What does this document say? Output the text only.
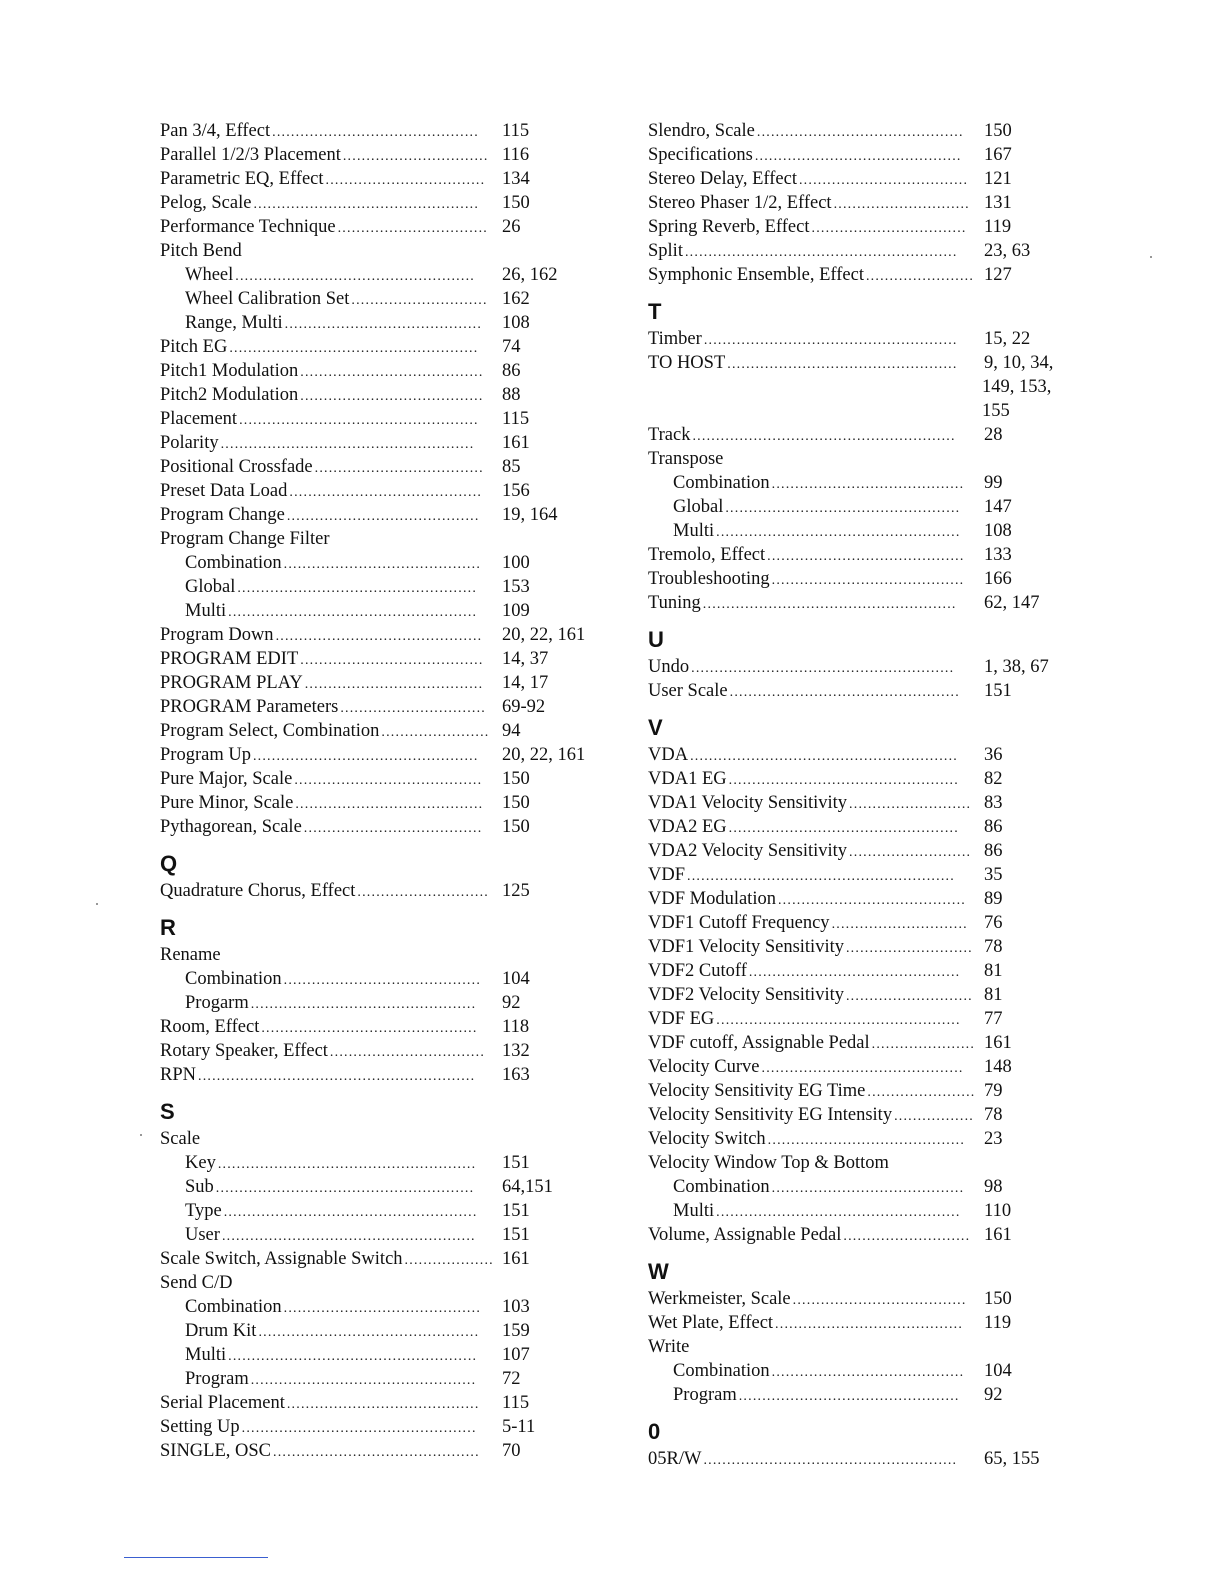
Pan 3/4, Effect ............................................	115
Parallel 1/2/3 Placement ............................... 116
Parametric EQ, Effect .................................. 134
Pelog, Scale ................................................	150
Performance Technique ................................ 26
Pitch Bend
Wheel ...................................................	26, 162
Wheel Calibration Set ............................. 162
Range, Multi ..........................................	108
Pitch EG .....................................................	74
Pitch1 Modulation ....................................... 86
Pitch2 Modulation ....................................... 88
Placement ...................................................	115
Polarity ......................................................	161
Positional Crossfade .................................... 85
Preset Data Load .........................................	156
Program Change .........................................	19, 164
Program Change Filter
Combination ..........................................	100
Global ...................................................	153
Multi .....................................................	109
Program Down ............................................	20, 22, 161
PROGRAM EDIT ....................................... 14, 37
PROGRAM PLAY ......................................	14, 17
PROGRAM Parameters ............................... 69-92
Program Select, Combination ....................... 94
Program Up ................................................	20, 22, 161
Pure Major, Scale ........................................	150
Pure Minor, Scale ........................................	150
Pythagorean, Scale ......................................	150
Q
Quadrature Chorus, Effect ............................ 125
R
Rename
Combination ..........................................	104
Progarm ................................................	92
Room, Effect ..............................................	118
Rotary Speaker, Effect ................................. 132
RPN ...........................................................	163
S
Scale
Key .......................................................	151
Sub .......................................................	64,151
Type ......................................................	151
User ......................................................	151
Scale Switch, Assignable Switch ................... 161
Send C/D
Combination ..........................................	103
Drum Kit ...............................................	159
Multi .....................................................	107
Program ................................................	72
Serial Placement .........................................	115
Setting Up ..................................................	5-11
SINGLE, OSC ............................................	70
Slendro, Scale ............................................	150
Specifications ............................................	167
Stereo Delay, Effect .................................... 121
Stereo Phaser 1/2, Effect ............................. 131
Spring Reverb, Effect ................................. 119
Split ..........................................................	23, 63
Symphonic Ensemble, Effect ....................... 127
T
Timber ......................................................	15, 22
TO HOST .................................................	9, 10, 34,
149, 153,
155
Track ........................................................	28
Transpose
Combination .........................................	99
Global ..................................................	147
Multi ....................................................	108
Tremolo, Effect ..........................................	133
Troubleshooting .........................................	166
Tuning ......................................................	62, 147
U
Undo ........................................................	1, 38, 67
User Scale .................................................	151
V
VDA .........................................................	36
VDA1 EG .................................................	82
VDA1 Velocity Sensitivity .......................... 83
VDA2 EG .................................................	86
VDA2 Velocity Sensitivity .......................... 86
VDF .........................................................	35
VDF Modulation ........................................ 89
VDF1 Cutoff Frequency ............................. 76
VDF1 Velocity Sensitivity ........................... 78
VDF2 Cutoff .............................................	81
VDF2 Velocity Sensitivity ........................... 81
VDF EG ....................................................	77
VDF cutoff, Assignable Pedal ...................... 161
Velocity Curve ...........................................	148
Velocity Sensitivity EG Time ....................... 79
Velocity Sensitivity EG Intensity ................. 78
Velocity Switch ..........................................	23
Velocity Window Top & Bottom
Combination .........................................	98
Multi ....................................................	110
Volume, Assignable Pedal ........................... 161
W
Werkmeister, Scale ..................................... 150
Wet Plate, Effect ........................................	119
Write
Combination .........................................	104
Program ...............................................	92
0
05R/W ......................................................	65, 155
